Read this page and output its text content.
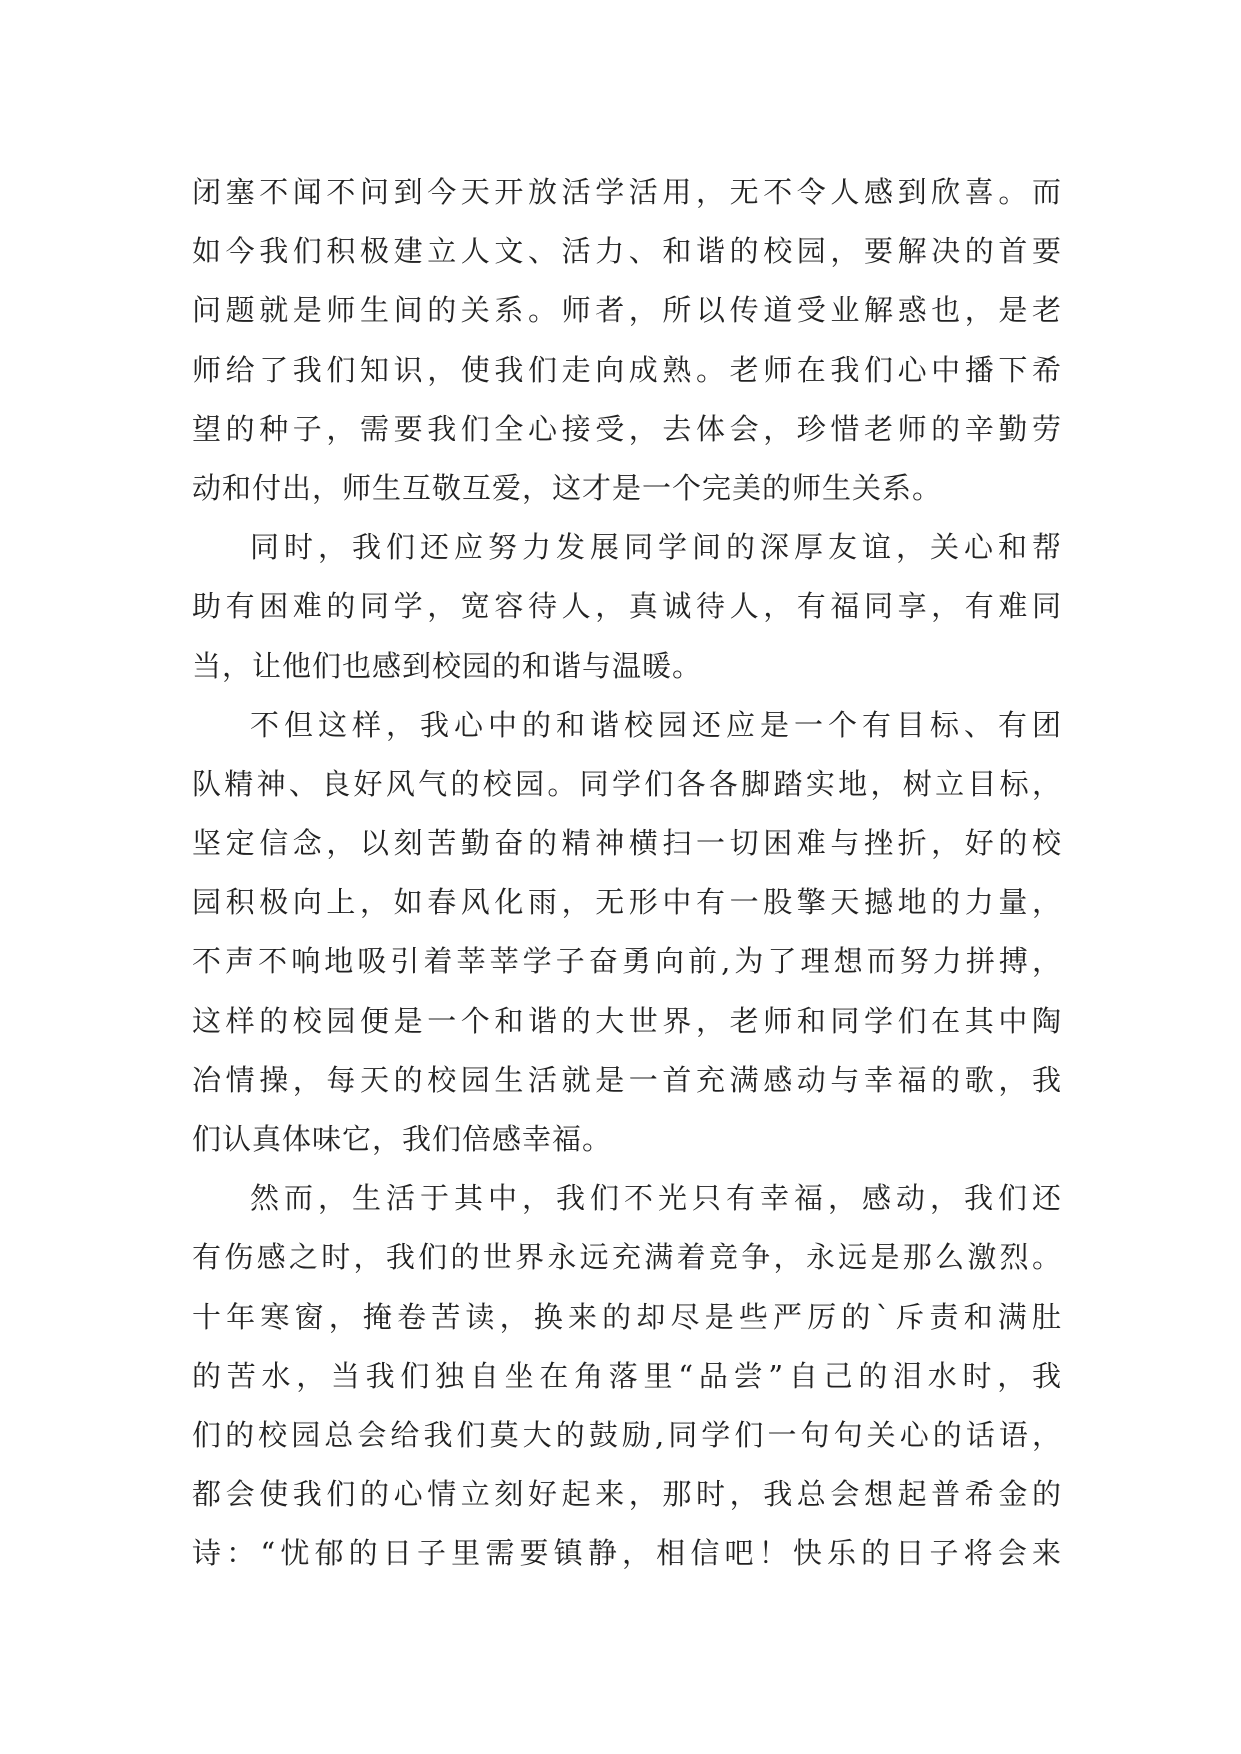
闭塞不闻不问到今天开放活学活用，无不令人感到欣喜。而
如今我们积极建立人文、活力、和谐的校园，要解决的首要
问题就是师生间的关系。师者，所以传道受业解惑也，是老
师给了我们知识，使我们走向成熟。老师在我们心中播下希
望的种子，需要我们全心接受，去体会，珍惜老师的辛勤劳
动和付出，师生互敬互爱，这才是一个完美的师生关系。
同时，我们还应努力发展同学间的深厚友谊，关心和帮
助有困难的同学，宽容待人，真诚待人，有福同享，有难同
当，让他们也感到校园的和谐与温暖。
不但这样，我心中的和谐校园还应是一个有目标、有团
队精神、良好风气的校园。同学们各各脚踏实地，树立目标，
坚定信念，以刻苦勤奋的精神横扫一切困难与挫折，好的校
园积极向上，如春风化雨，无形中有一股擎天撼地的力量，
不声不响地吸引着莘莘学子奋勇向前,为了理想而努力拼搏，
这样的校园便是一个和谐的大世界，老师和同学们在其中陶
冶情操，每天的校园生活就是一首充满感动与幸福的歌，我
们认真体味它，我们倍感幸福。
然而，生活于其中，我们不光只有幸福，感动，我们还
有伤感之时，我们的世界永远充满着竞争，永远是那么激烈。
十年寒窗，掩卷苦读，换来的却尽是些严厉的`斥责和满肚
的苦水，当我们独自坐在角落里“品尝”自己的泪水时，我
们的校园总会给我们莫大的鼓励,同学们一句句关心的话语，
都会使我们的心情立刻好起来，那时，我总会想起普希金的
诗：“忧郁的日子里需要镇静，相信吧！快乐的日子将会来
